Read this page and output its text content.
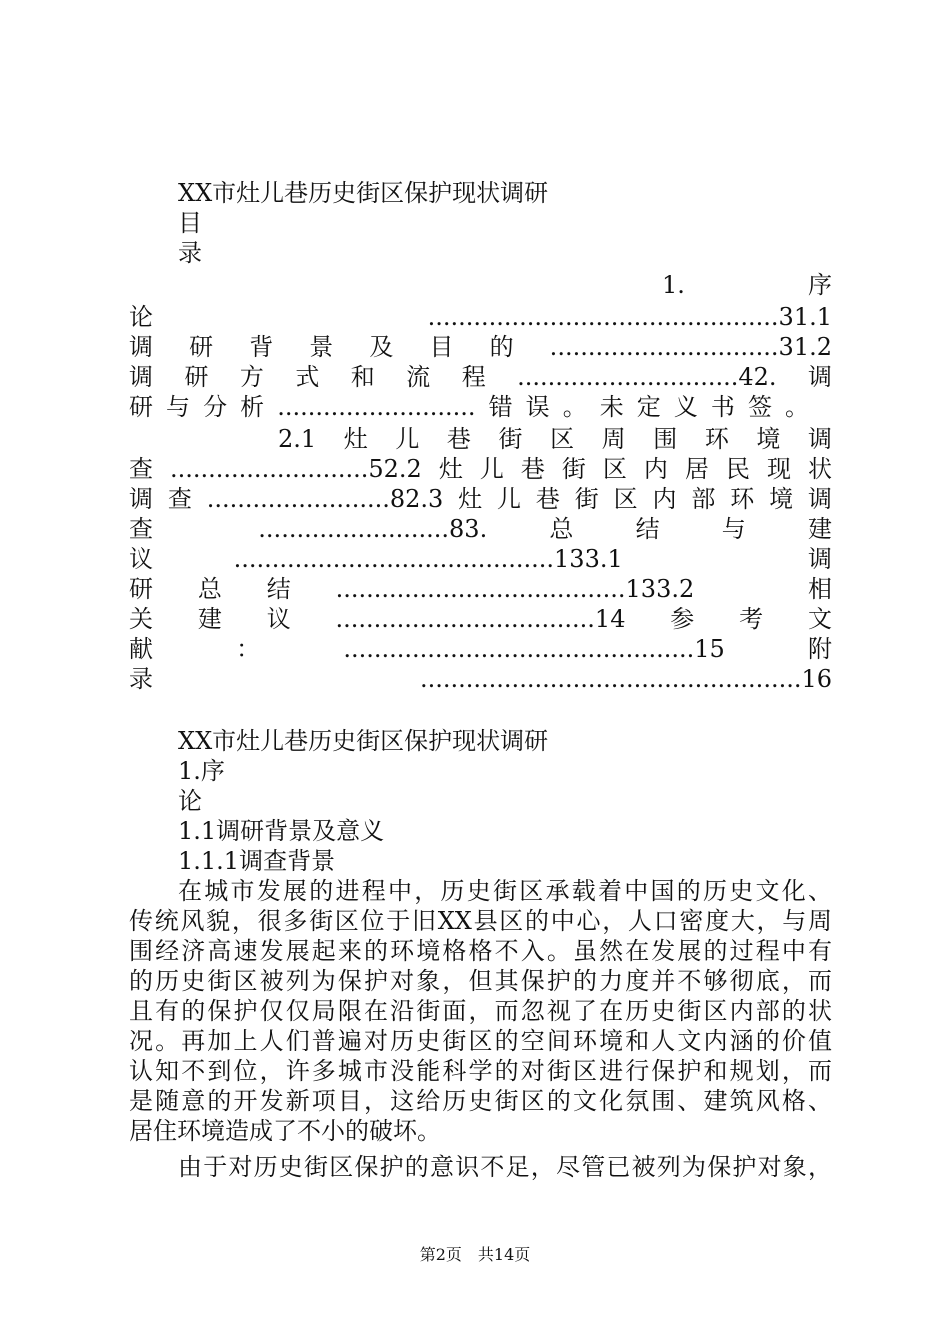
XX市灶儿巷历史街区保护现状调研
目
录
1.　　　序
论..............................................31.1
调研背景及目的..............................31.2
调研方式和流程.............................42.调
研与分析..........................错误。未定义书签。
2.1　灶　儿　巷　街　区　周　围　环　境　调
查..........................52.2灶儿巷街区内居民现状
调查........................82.3灶儿巷街区内部环境调
查　　.........................83.　总　结　与　建
议..........................................133.1　调
研总结......................................133.2　相
关建议..................................14参考文
献：..............................................15附
录..................................................16
XX市灶儿巷历史街区保护现状调研
1.序
论
1.1调研背景及意义
1.1.1调查背景
在城市发展的进程中，历史街区承载着中国的历史文化、
传统风貌，很多街区位于旧XX县区的中心，人口密度大，与周
围经济高速发展起来的环境格格不入。虽然在发展的过程中有
的历史街区被列为保护对象，但其保护的力度并不够彻底，而
且有的保护仅仅局限在沿街面，而忽视了在历史街区内部的状
况。再加上人们普遍对历史街区的空间环境和人文内涵的价值
认知不到位，许多城市没能科学的对街区进行保护和规划，而
是随意的开发新项目，这给历史街区的文化氛围、建筑风格、
居住环境造成了不小的破坏。
由于对历史街区保护的意识不足，尽管已被列为保护对象，
第2页　共14页
